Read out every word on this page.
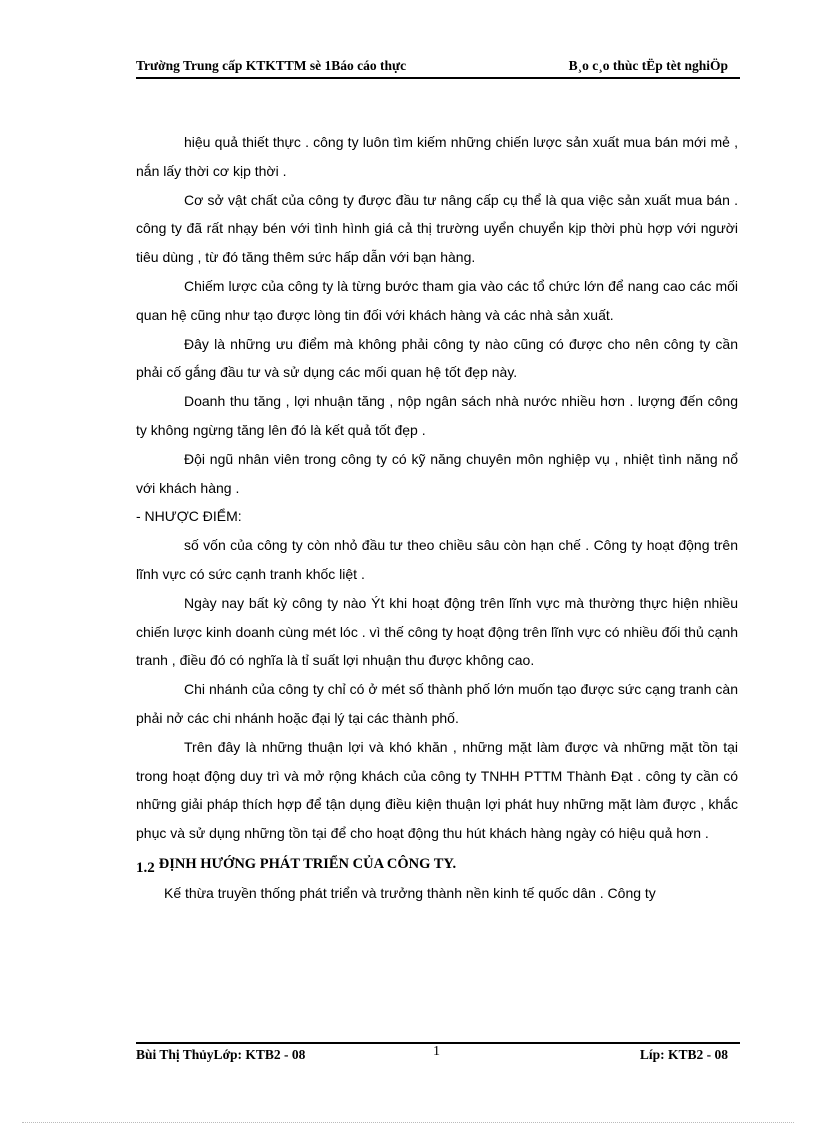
Trường Trung cấp KTKTTM sè 1Báo cáo thực	B¸o c¸o thùc tËp tèt nghiÖp

hiệu quả thiết thực . công ty luôn tìm kiếm những chiến lược sản xuất mua bán mới mẻ , nắn lấy thời cơ kịp thời .

Cơ sở vật chất của công ty được đầu tư nâng cấp cụ thể là qua việc sản xuất mua bán . công ty đã rất nhạy bén với tình hình giá cả thị trường uyển chuyển kịp thời phù hợp với người tiêu dùng , từ đó tăng thêm sức hấp dẫn với bạn hàng.

Chiếm lược của công ty là từng bước tham gia vào các tổ chức lớn để nang cao các mối quan hệ cũng như tạo được lòng tin đối với khách hàng và các nhà sản xuất.

Đây là những ưu điểm mà không phải công ty nào cũng có được cho nên công ty cần phải cố gắng đầu tư và sử dụng các mối quan hệ tốt đẹp này.

Doanh thu tăng , lợi nhuận tăng , nộp ngân sách nhà nước nhiều hơn . lượng đến công ty không ngừng tăng lên đó là kết quả tốt đẹp .

Đội ngũ nhân viên trong công ty có kỹ năng chuyên môn nghiệp vụ , nhiệt tình năng nổ với khách hàng .

- NHƯỢC ĐIỂM:

số vốn của công ty còn nhỏ đầu tư theo chiều sâu còn hạn chế . Công ty hoạt động trên lĩnh vực có sức cạnh tranh khốc liệt .

Ngày nay bất kỳ công ty nào Ýt khi hoạt động trên lĩnh vực mà thường thực hiện nhiều chiến lược kinh doanh cùng mét lóc . vì thế công ty hoạt động trên lĩnh vực có nhiều đối thủ cạnh tranh , điều đó có nghĩa là tỉ suất lợi nhuận thu được không cao.

Chi nhánh của công ty chỉ có ở mét số thành phố lớn muốn tạo được sức cạng tranh càn phải nở các chi nhánh hoặc đại lý tại các thành phố.

Trên đây là những thuận lợi và khó khăn , những mặt làm được và những mặt tồn tại trong hoạt động duy trì và mở rộng khách của công ty TNHH PTTM Thành Đạt . công ty cần có những giải pháp thích hợp để tận dụng điều kiện thuận lợi phát huy những mặt làm được , khắc phục và sử dụng những tồn tại để cho hoạt động thu hút khách hàng ngày có hiệu quả hơn .

1.2 ĐỊNH HƯỚNG PHÁT TRIỂN CỦA CÔNG TY.

Kế thừa truyền thống phát triển và trưởng thành nền kinh tế quốc dân . Công ty

Bùi Thị ThủyLớp: KTB2 - 08	1	Líp: KTB2 - 08
